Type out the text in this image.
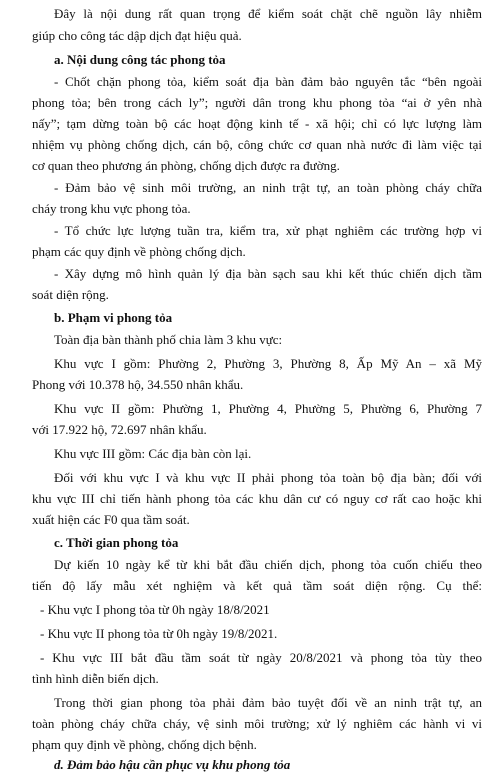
Đây là nội dung rất quan trọng để kiểm soát chặt chẽ nguồn lây nhiễm

giúp cho công tác dập dịch đạt hiệu quả.

a. Nội dung công tác phong tỏa

- Chốt chặn phong tỏa, kiểm soát địa bàn đảm bảo nguyên tắc “bên ngoài

phong tỏa; bên trong cách ly”; người dân trong khu phong tỏa “ai ở yên nhà

nấy”; tạm dừng toàn bộ các hoạt động kinh tế - xã hội; chỉ có lực lượng làm

nhiệm vụ phòng chống dịch, cán bộ, công chức cơ quan nhà nước đi làm việc tại

cơ quan theo phương án phòng, chống dịch được ra đường.

- Đảm bảo vệ sinh môi trường, an ninh trật tự, an toàn phòng cháy chữa

cháy trong khu vực phong tỏa.

- Tổ chức lực lượng tuần tra, kiểm tra, xử phạt nghiêm các trường hợp vi

phạm các quy định về phòng chống dịch.

- Xây dựng mô hình quản lý địa bàn sạch sau khi kết thúc chiến dịch tầm

soát diện rộng.

b. Phạm vi phong tỏa

Toàn địa bàn thành phố chia làm 3 khu vực:

Khu vực I gồm: Phường 2, Phường 3, Phường 8, Ấp Mỹ An – xã Mỹ

Phong với 10.378 hộ, 34.550 nhân khẩu.

Khu vực II gồm: Phường 1, Phường 4, Phường 5, Phường 6, Phường 7

với 17.922 hộ, 72.697 nhân khẩu.

Khu vực III gồm: Các địa bàn còn lại.

Đối với khu vực I và khu vực II phải phong tỏa toàn bộ địa bàn; đối với

khu vực III chỉ tiến hành phong tỏa các khu dân cư có nguy cơ rất cao hoặc khi

xuất hiện các F0 qua tầm soát.

c. Thời gian phong tỏa

Dự kiến 10 ngày kể từ khi bắt đầu chiến dịch, phong tỏa cuốn chiếu theo

tiến độ lấy mẫu xét nghiệm và kết quả tầm soát diện rộng. Cụ thể:

- Khu vực I phong tỏa từ 0h ngày 18/8/2021

- Khu vực II phong tỏa từ 0h ngày 19/8/2021.

- Khu vực III bắt đầu tầm soát từ ngày 20/8/2021 và phong tỏa tùy theo

tình hình diễn biến dịch.

Trong thời gian phong tỏa phải đảm bảo tuyệt đối về an ninh trật tự, an

toàn phòng cháy chữa cháy, vệ sinh môi trường; xử lý nghiêm các hành vi vi

phạm quy định về phòng, chống dịch bệnh.

d. Đảm bảo hậu cần phục vụ khu phong tỏa
